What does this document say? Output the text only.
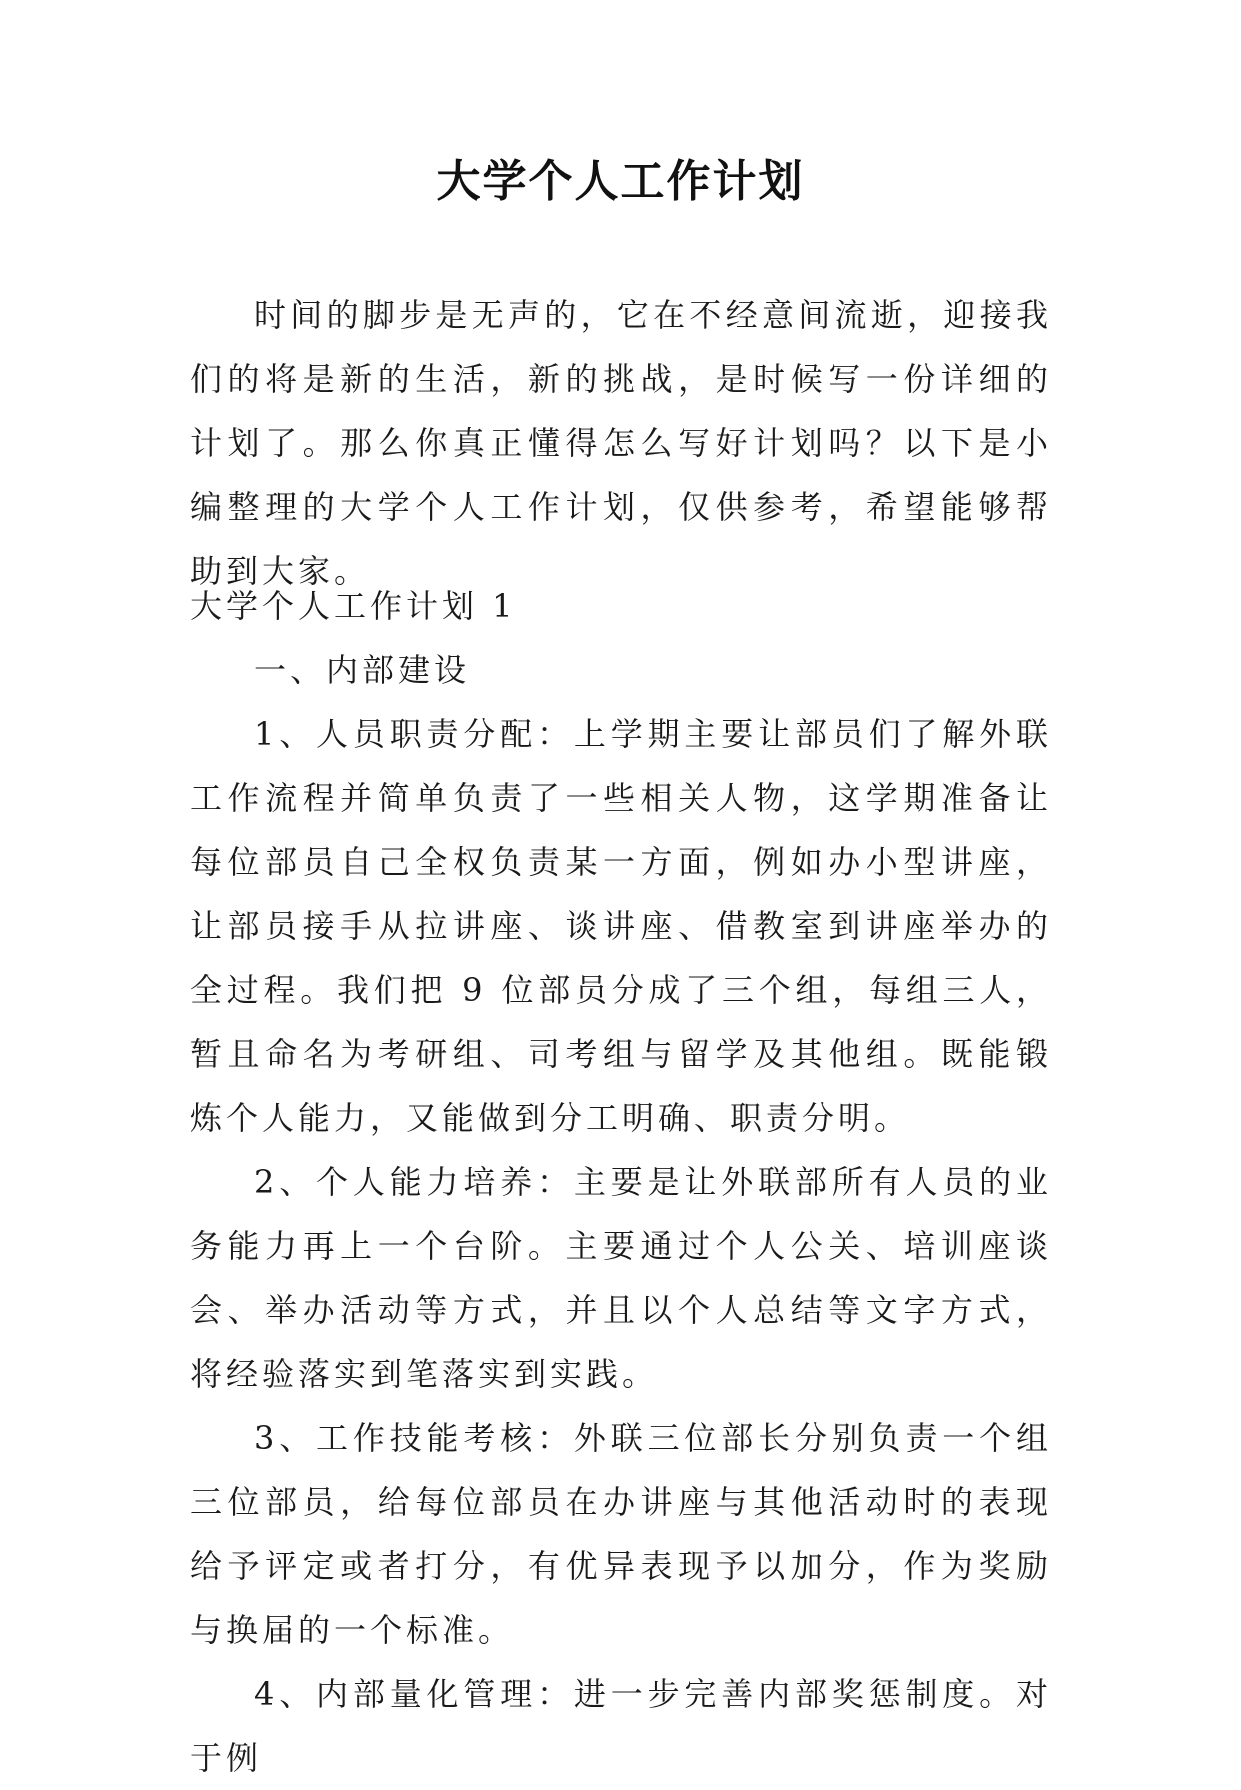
大学个人工作计划

时间的脚步是无声的，它在不经意间流逝，迎接我们的将是新的生活，新的挑战，是时候写一份详细的计划了。那么你真正懂得怎么写好计划吗？以下是小编整理的大学个人工作计划，仅供参考，希望能够帮助到大家。

大学个人工作计划 1

一、内部建设

1、人员职责分配：上学期主要让部员们了解外联工作流程并简单负责了一些相关人物，这学期准备让每位部员自己全权负责某一方面，例如办小型讲座，让部员接手从拉讲座、谈讲座、借教室到讲座举办的全过程。我们把 9 位部员分成了三个组，每组三人，暂且命名为考研组、司考组与留学及其他组。既能锻炼个人能力，又能做到分工明确、职责分明。

2、个人能力培养：主要是让外联部所有人员的业务能力再上一个台阶。主要通过个人公关、培训座谈会、举办活动等方式，并且以个人总结等文字方式，将经验落实到笔落实到实践。

3、工作技能考核：外联三位部长分别负责一个组三位部员，给每位部员在办讲座与其他活动时的表现给予评定或者打分，有优异表现予以加分，作为奖励与换届的一个标准。

4、内部量化管理：进一步完善内部奖惩制度。对于例
